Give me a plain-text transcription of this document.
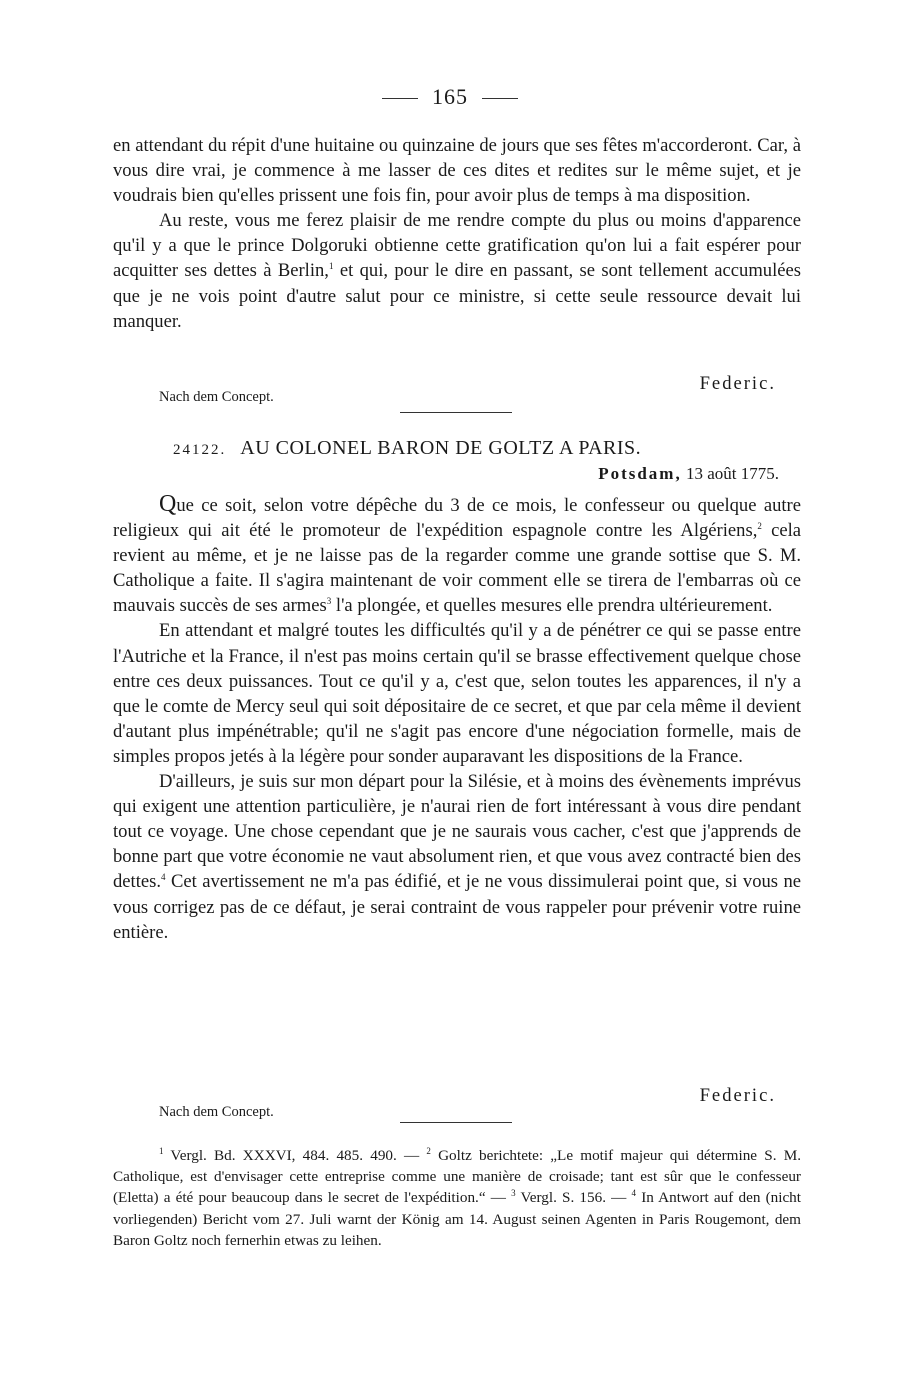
165
en attendant du répit d'une huitaine ou quinzaine de jours que ses fêtes m'accorderont. Car, à vous dire vrai, je commence à me lasser de ces dites et redites sur le même sujet, et je voudrais bien qu'elles prissent une fois fin, pour avoir plus de temps à ma disposition.
Au reste, vous me ferez plaisir de me rendre compte du plus ou moins d'apparence qu'il y a que le prince Dolgoruki obtienne cette gratification qu'on lui a fait espérer pour acquitter ses dettes à Berlin,$^1$ et qui, pour le dire en passant, se sont tellement accumulées que je ne vois point d'autre salut pour ce ministre, si cette seule ressource devait lui manquer.
Federic.
Nach dem Concept.
24122. AU COLONEL BARON DE GOLTZ A PARIS.
Potsdam, 13 août 1775.
Que ce soit, selon votre dépêche du 3 de ce mois, le confesseur ou quelque autre religieux qui ait été le promoteur de l'expédition espagnole contre les Algériens,$^2$ cela revient au même, et je ne laisse pas de la regarder comme une grande sottise que S. M. Catholique a faite. Il s'agira maintenant de voir comment elle se tirera de l'embarras où ce mauvais succès de ses armes$^3$ l'a plongée, et quelles mesures elle prendra ultérieurement.
En attendant et malgré toutes les difficultés qu'il y a de pénétrer ce qui se passe entre l'Autriche et la France, il n'est pas moins certain qu'il se brasse effectivement quelque chose entre ces deux puissances. Tout ce qu'il y a, c'est que, selon toutes les apparences, il n'y a que le comte de Mercy seul qui soit dépositaire de ce secret, et que par cela même il devient d'autant plus impénétrable; qu'il ne s'agit pas encore d'une négociation formelle, mais de simples propos jetés à la légère pour sonder auparavant les dispositions de la France.
D'ailleurs, je suis sur mon départ pour la Silésie, et à moins des évènements imprévus qui exigent une attention particulière, je n'aurai rien de fort intéressant à vous dire pendant tout ce voyage. Une chose cependant que je ne saurais vous cacher, c'est que j'apprends de bonne part que votre économie ne vaut absolument rien, et que vous avez contracté bien des dettes.$^4$ Cet avertissement ne m'a pas édifié, et je ne vous dissimulerai point que, si vous ne vous corrigez pas de ce défaut, je serai contraint de vous rappeler pour prévenir votre ruine entière.
Federic.
Nach dem Concept.
$^1$ Vergl. Bd. XXXVI, 484. 485. 490. — $^2$ Goltz berichtete: „Le motif majeur qui détermine S. M. Catholique, est d'envisager cette entreprise comme une manière de croisade; tant est sûr que le confesseur (Eletta) a été pour beaucoup dans le secret de l'expédition.“ — $^3$ Vergl. S. 156. — $^4$ In Antwort auf den (nicht vorliegenden) Bericht vom 27. Juli warnt der König am 14. August seinen Agenten in Paris Rougemont, dem Baron Goltz noch fernerhin etwas zu leihen.
